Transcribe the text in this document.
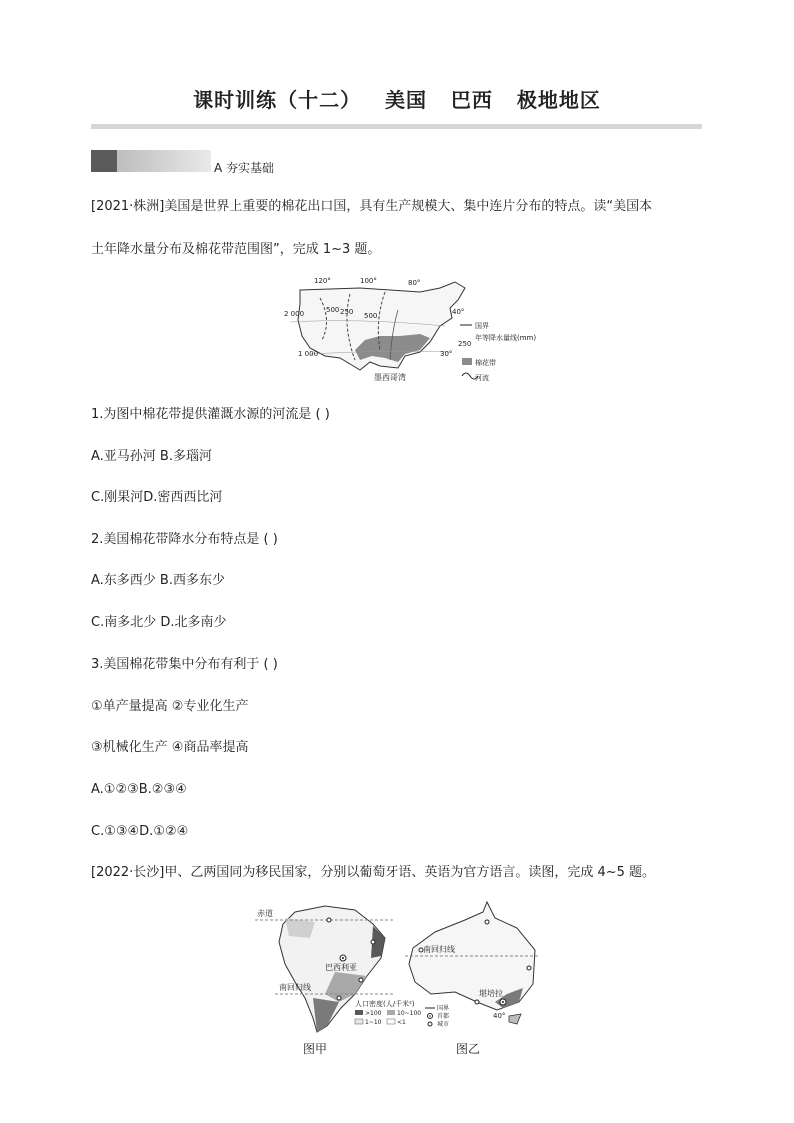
课时训练（十二）   美国   巴西   极地地区
A 夯实基础
[2021·株洲]美国是世界上重要的棉花出口国，具有生产规模大、集中连片分布的特点。读“美国本
土年降水量分布及棉花带范围图”，完成 1~3 题。
120°	100°	80°
40°
30°
2 000	500
1 000
250 500
墨西哥湾
国界
250
年等降水量线(mm)
棉花带
河流
1.为图中棉花带提供灌溉水源的河流是 ( )
A.亚马孙河 B.多瑙河
C.刚果河D.密西西比河
2.美国棉花带降水分布特点是 ( )
A.东多西少 B.西多东少
C.南多北少 D.北多南少
3.美国棉花带集中分布有利于 ( )
①单产量提高 ②专业化生产
③机械化生产 ④商品率提高
A.①②③B.②③④
C.①③④D.①②④
[2022·长沙]甲、乙两国同为移民国家，分别以葡萄牙语、英语为官方语言。读图，完成 4~5 题。
赤道
巴西利亚
南回归线
南回归线
堪培拉
40°
人口密度(人/千米²)
>100	10~100
1~10	<1
国界
首都
城市
图甲	图乙
